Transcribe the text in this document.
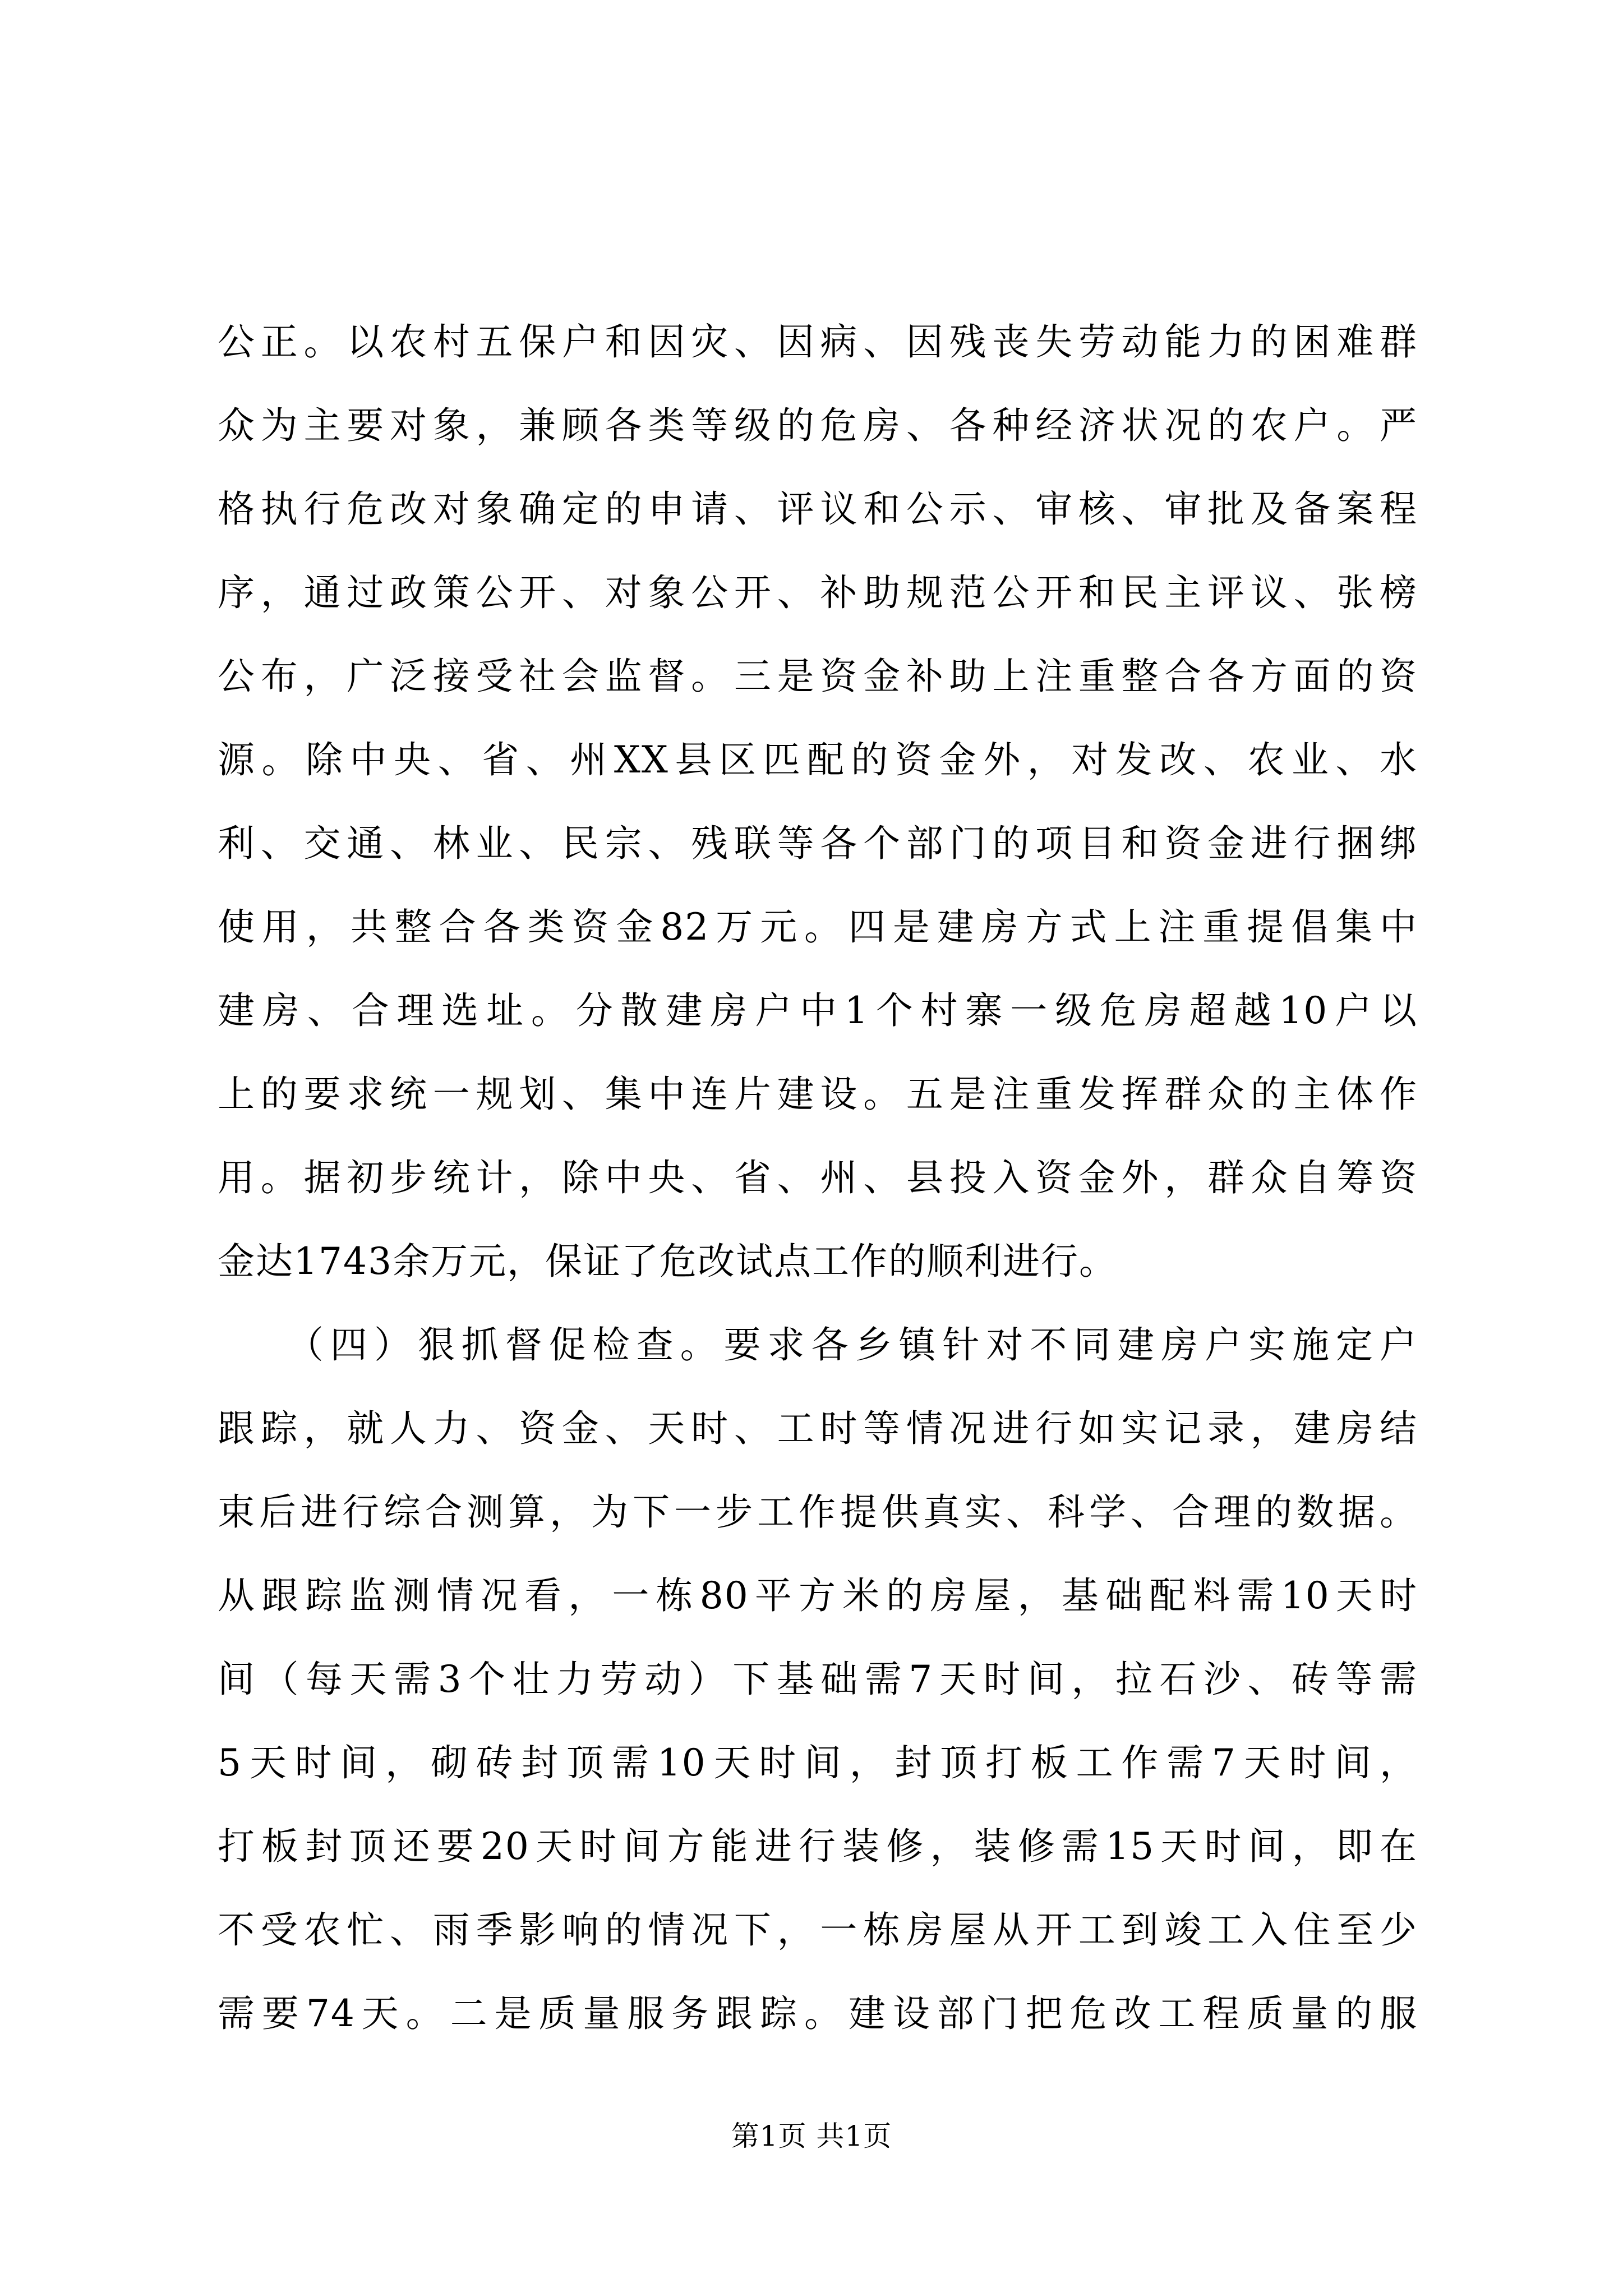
公正。以农村五保户和因灾、因病、因残丧失劳动能力的困难群
众为主要对象，兼顾各类等级的危房、各种经济状况的农户。严
格执行危改对象确定的申请、评议和公示、审核、审批及备案程
序，通过政策公开、对象公开、补助规范公开和民主评议、张榜
公布，广泛接受社会监督。三是资金补助上注重整合各方面的资
源。除中央、省、州XX县区匹配的资金外，对发改、农业、水
利、交通、林业、民宗、残联等各个部门的项目和资金进行捆绑
使用，共整合各类资金82万元。四是建房方式上注重提倡集中
建房、合理选址。分散建房户中1个村寨一级危房超越10户以
上的要求统一规划、集中连片建设。五是注重发挥群众的主体作
用。据初步统计，除中央、省、州、县投入资金外，群众自筹资
金达1743余万元，保证了危改试点工作的顺利进行。
　　（四）狠抓督促检查。要求各乡镇针对不同建房户实施定户
跟踪，就人力、资金、天时、工时等情况进行如实记录，建房结
束后进行综合测算，为下一步工作提供真实、科学、合理的数据。
从跟踪监测情况看，一栋80平方米的房屋，基础配料需10天时
间（每天需3个壮力劳动）下基础需7天时间，拉石沙、砖等需
5天时间，砌砖封顶需10天时间，封顶打板工作需7天时间，
打板封顶还要20天时间方能进行装修，装修需15天时间，即在
不受农忙、雨季影响的情况下，一栋房屋从开工到竣工入住至少
需要74天。二是质量服务跟踪。建设部门把危改工程质量的服
第1页 共1页
